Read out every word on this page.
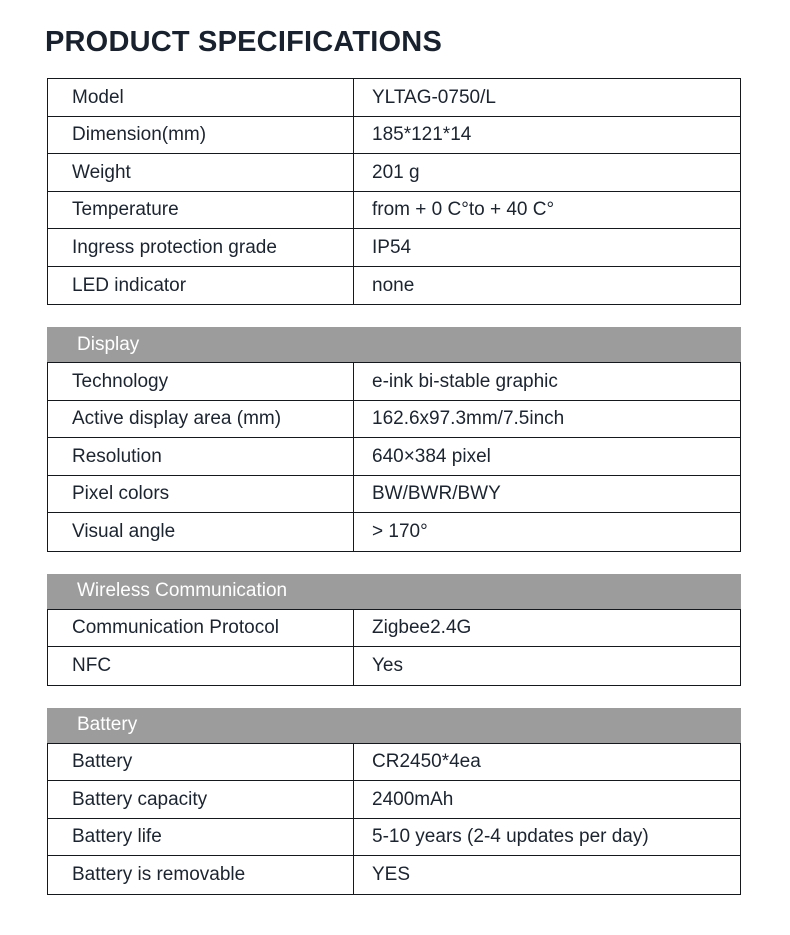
PRODUCT SPECIFICATIONS
Model	YLTAG-0750/L
Dimension(mm)	185*121*14
Weight	201 g
Temperature	from + 0 C°to + 40 C°
Ingress protection grade	IP54
LED indicator	none
Display
Technology	e-ink bi-stable graphic
Active display area (mm)	162.6x97.3mm/7.5inch
Resolution	640×384 pixel
Pixel colors	BW/BWR/BWY
Visual angle	> 170°
Wireless Communication
Communication Protocol	Zigbee2.4G
NFC	Yes
Battery
Battery	CR2450*4ea
Battery capacity	2400mAh
Battery life	5-10 years (2-4 updates per day)
Battery is removable	YES
